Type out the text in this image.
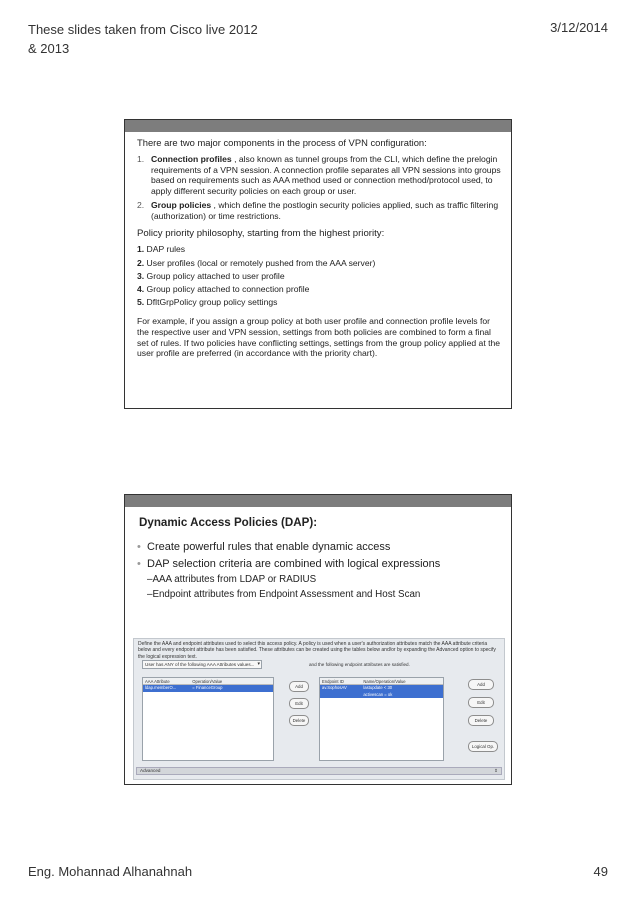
These slides taken from Cisco live 2012 & 2013
3/12/2014
There are two major components in the process of VPN configuration:
1. Connection profiles , also known as tunnel groups from the CLI, which define the prelogin requirements of a VPN session. A connection profile separates all VPN sessions into groups based on requirements such as AAA method used or connection method/protocol used, to apply different security policies on each group or user.
2. Group policies , which define the postlogin security policies applied, such as traffic filtering (authorization) or time restrictions.
Policy priority philosophy, starting from the highest priority:
1. DAP rules
2. User profiles (local or remotely pushed from the AAA server)
3. Group policy attached to user profile
4. Group policy attached to connection profile
5. DfltGrpPolicy group policy settings
For example, if you assign a group policy at both user profile and connection profile levels for the respective user and VPN session, settings from both policies are combined to form a final set of rules. If two policies have conflicting settings, settings from the group policy applied at the user profile are preferred (in accordance with the priority chart).
Dynamic Access Policies (DAP):
• Create powerful rules that enable dynamic access
• DAP selection criteria are combined with logical expressions
–AAA attributes from LDAP or RADIUS
–Endpoint attributes from Endpoint Assessment and Host Scan
Define the AAA and endpoint attributes used to select this access policy. A policy is used when a user's authorization attributes match the AAA attribute criteria below and every endpoint attribute has been satisfied. These attributes can be created using the tables below and/or by expanding the Advanced option to specify the logical expression text.
User has ANY of the following AAA Attributes values... ▾	and the following endpoint attributes are satisfied.
AAA Attribute	Operation/Value
ldap.memberO...	= FinanceGroup	Add
Edit
Delete
Endpoint ID	Name/Operation/Value
av.SophosAV	lastupdate < 30
activescan = ok
Add
Edit
Delete
Logical Op.
Advanced	⇕
Eng. Mohannad Alhanahnah	49
